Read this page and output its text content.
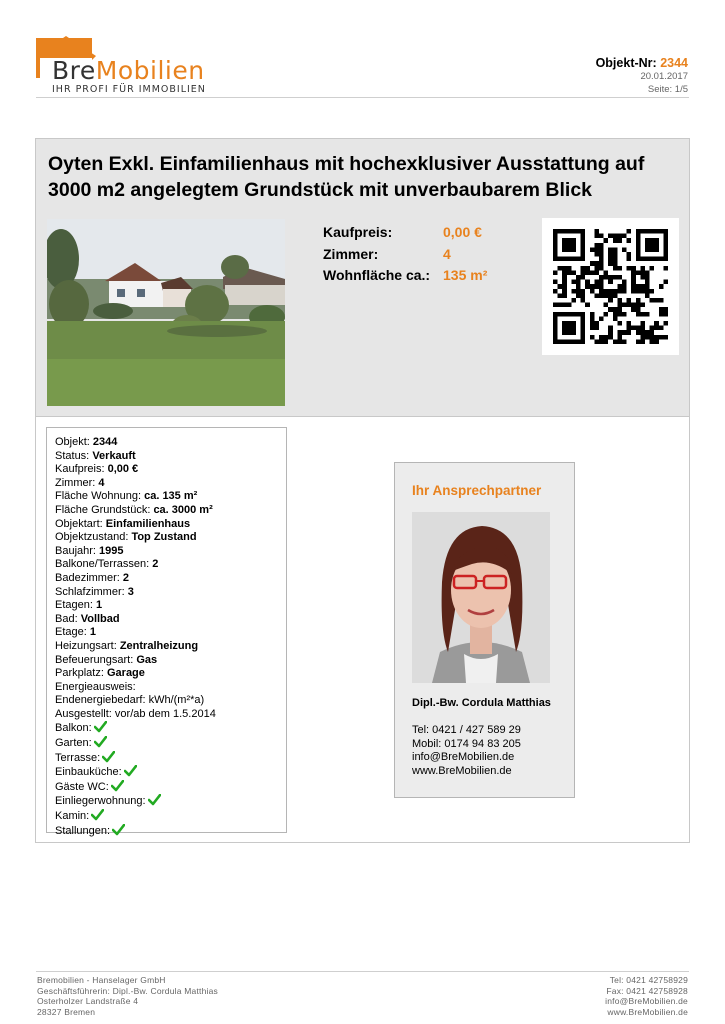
BreMobilien
IHR PROFI FÜR IMMOBILIEN
Objekt-Nr: 2344
20.01.2017
Seite: 1/5
Oyten Exkl. Einfamilienhaus mit hochexklusiver Ausstattung auf 3000 m2 angelegtem Grundstück mit unverbaubarem Blick
Kaufpreis:	0,00 €
Zimmer:	4
Wohnfläche ca.: 135 m²
Objekt: 2344
Status: Verkauft
Kaufpreis: 0,00 €
Zimmer: 4
Fläche Wohnung: ca. 135 m²
Fläche Grundstück: ca. 3000 m²
Objektart: Einfamilienhaus
Objektzustand: Top Zustand
Baujahr: 1995
Balkone/Terrassen: 2
Badezimmer: 2
Schlafzimmer: 3
Etagen: 1
Bad: Vollbad
Etage: 1
Heizungsart: Zentralheizung
Befeuerungsart: Gas
Parkplatz: Garage
Energieausweis:
Endenergiebedarf: kWh/(m²*a)
Ausgestellt: vor/ab dem 1.5.2014
Balkon:
Garten:
Terrasse:
Einbauküche:
Gäste WC:
Einliegerwohnung:
Kamin:
Stallungen:
Ihr Ansprechpartner
Dipl.-Bw. Cordula Matthias
Tel: 0421 / 427 589 29
Mobil: 0174 94 83 205
info@BreMobilien.de
www.BreMobilien.de
Bremobilien - Hanselager GmbH
Geschäftsführerin: Dipl.-Bw. Cordula Matthias
Osterholzer Landstraße 4
28327 Bremen
Tel: 0421 42758929
Fax: 0421 42758928
info@BreMobilien.de
www.BreMobilien.de
